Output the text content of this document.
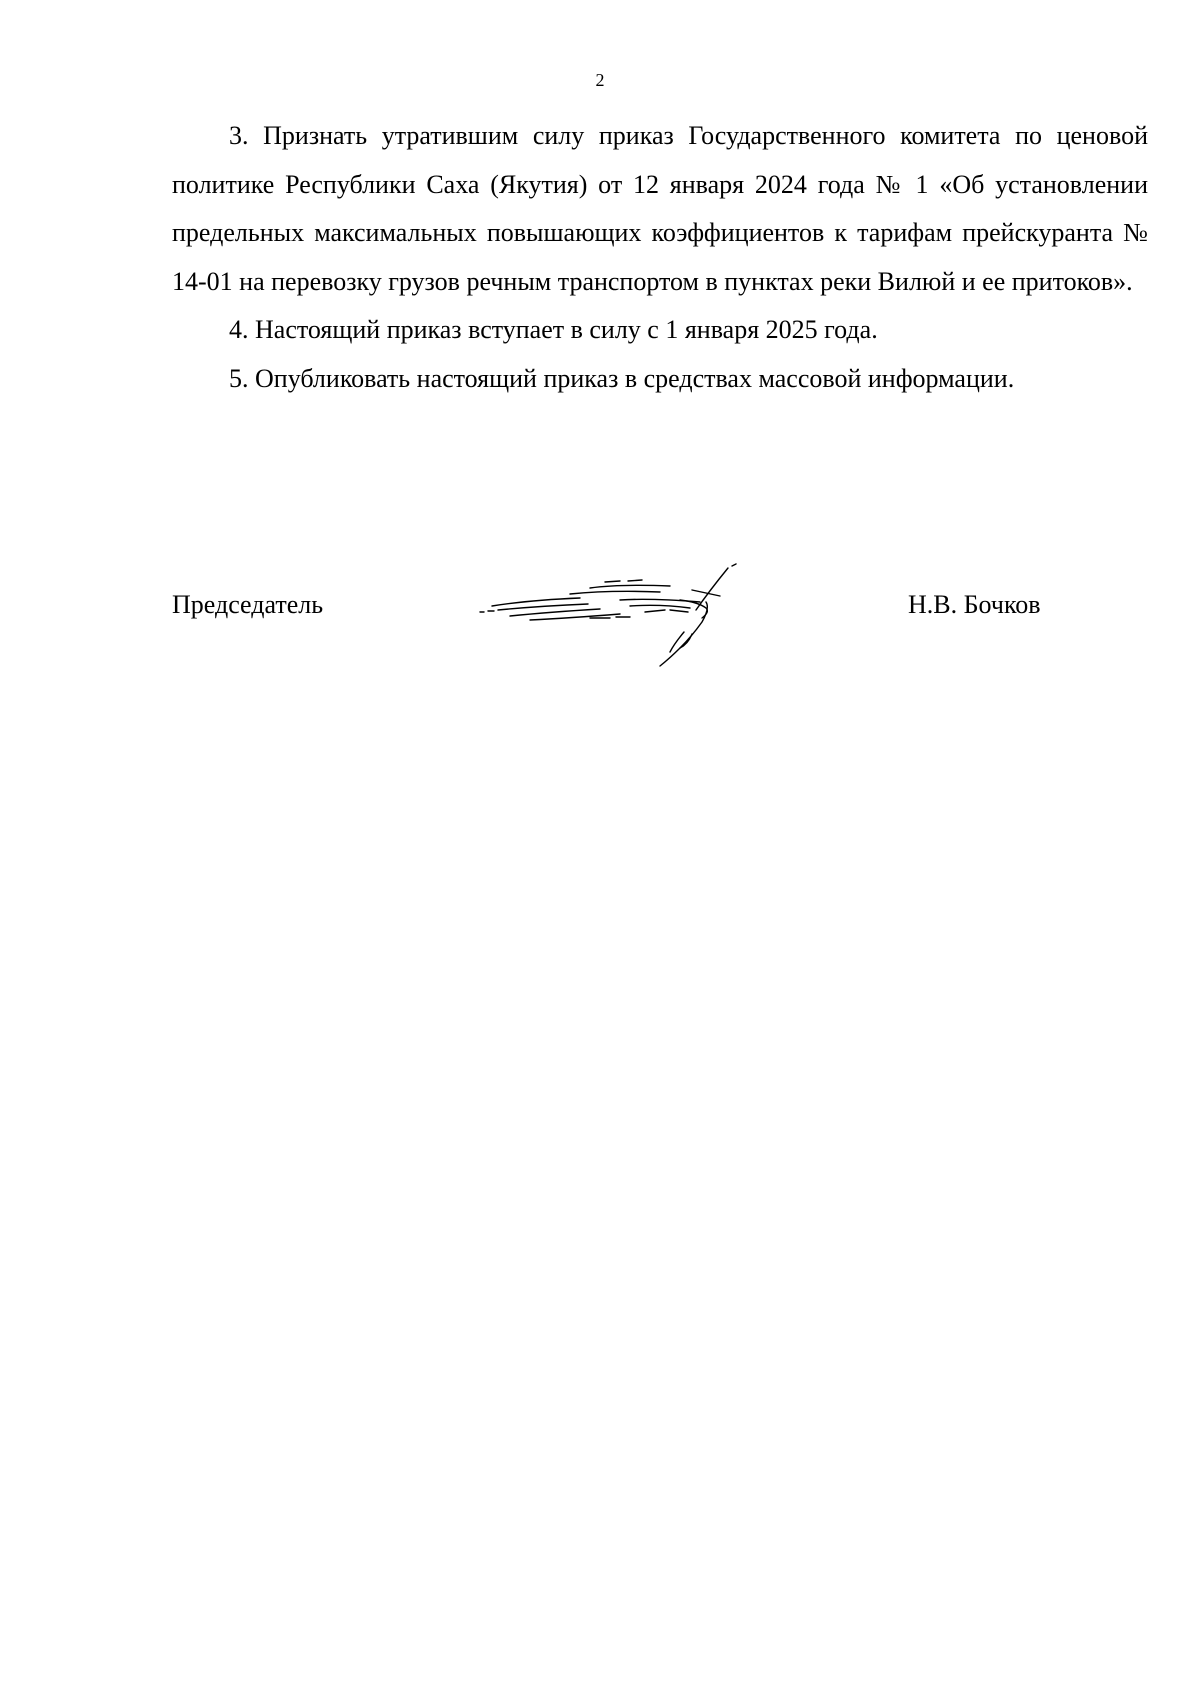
2

3. Признать утратившим силу приказ Государственного комитета по ценовой политике Республики Саха (Якутия) от 12 января 2024 года № 1 «Об установлении предельных максимальных повышающих коэффициентов к тарифам прейскуранта № 14-01 на перевозку грузов речным транспортом в пунктах реки Вилюй и ее притоков».

4. Настоящий приказ вступает в силу с 1 января 2025 года.

5. Опубликовать настоящий приказ в средствах массовой информации.

Председатель	Н.В. Бочков
